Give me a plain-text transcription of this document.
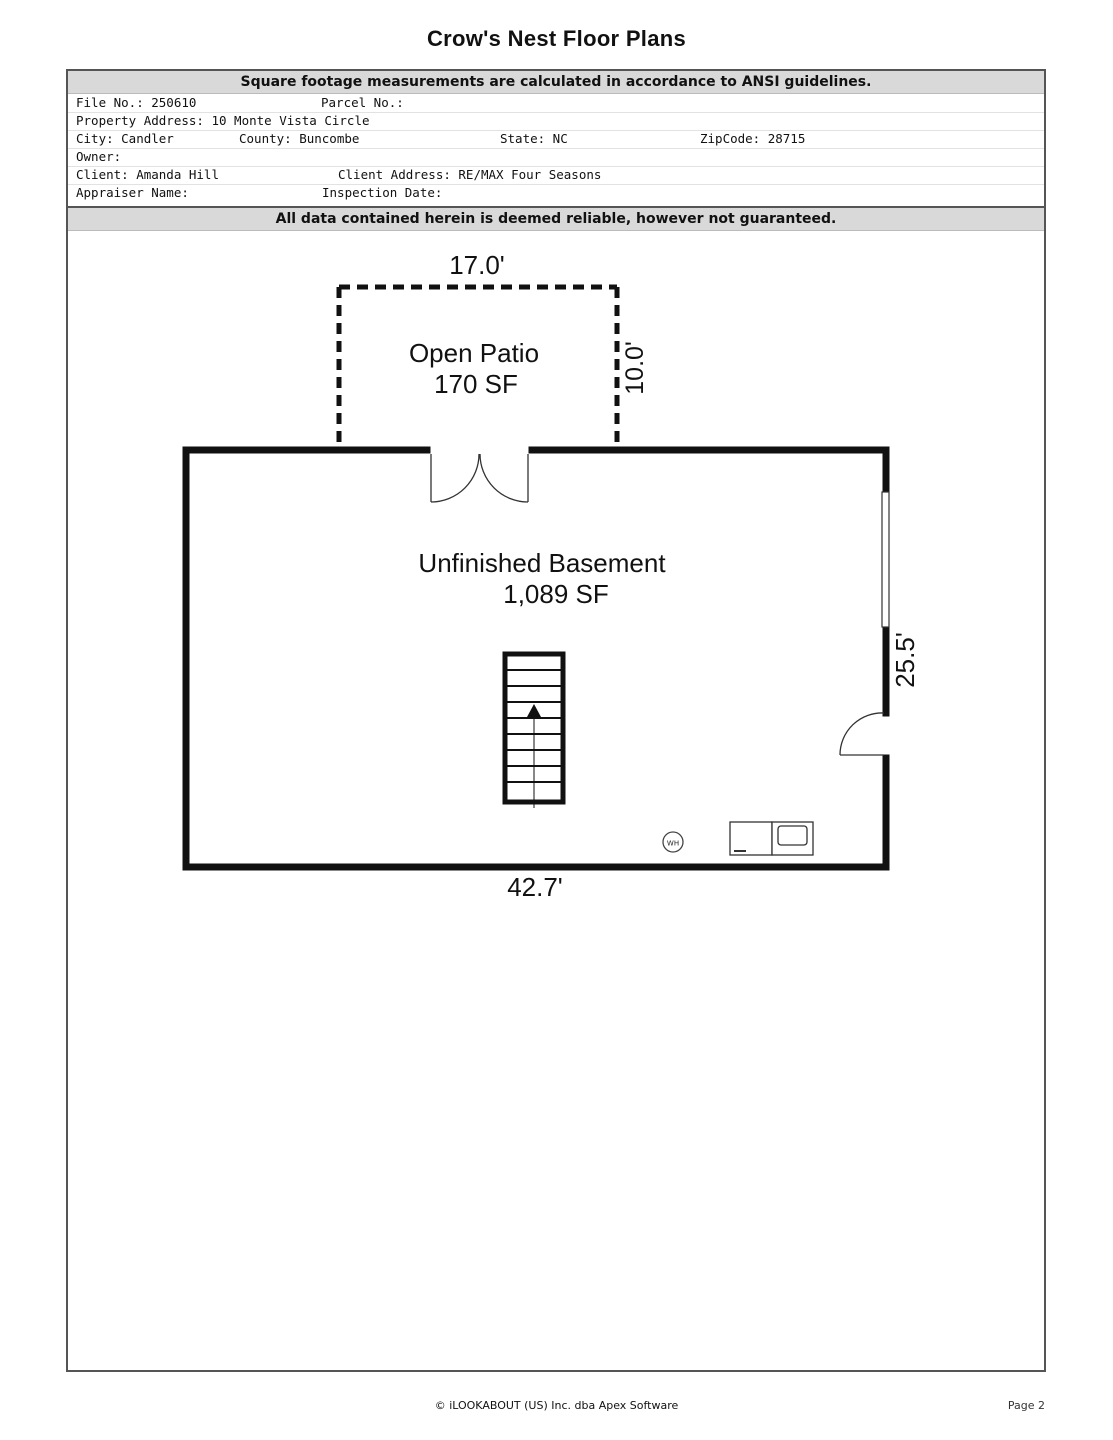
Crow's Nest Floor Plans
Square footage measurements are calculated in accordance to ANSI guidelines.
File No.: 250610	Parcel No.:
Property Address: 10 Monte Vista Circle
City: Candler	County: Buncombe	State: NC	ZipCode: 28715
Owner:
Client: Amanda Hill	Client Address: RE/MAX Four Seasons
Appraiser Name:	Inspection Date:
All data contained herein is deemed reliable, however not guaranteed.
WH
17.0'
10.0'
Open Patio
170 SF
Unfinished Basement
1,089 SF
25.5'
42.7'
© iLOOKABOUT (US) Inc. dba Apex Software	Page 2
